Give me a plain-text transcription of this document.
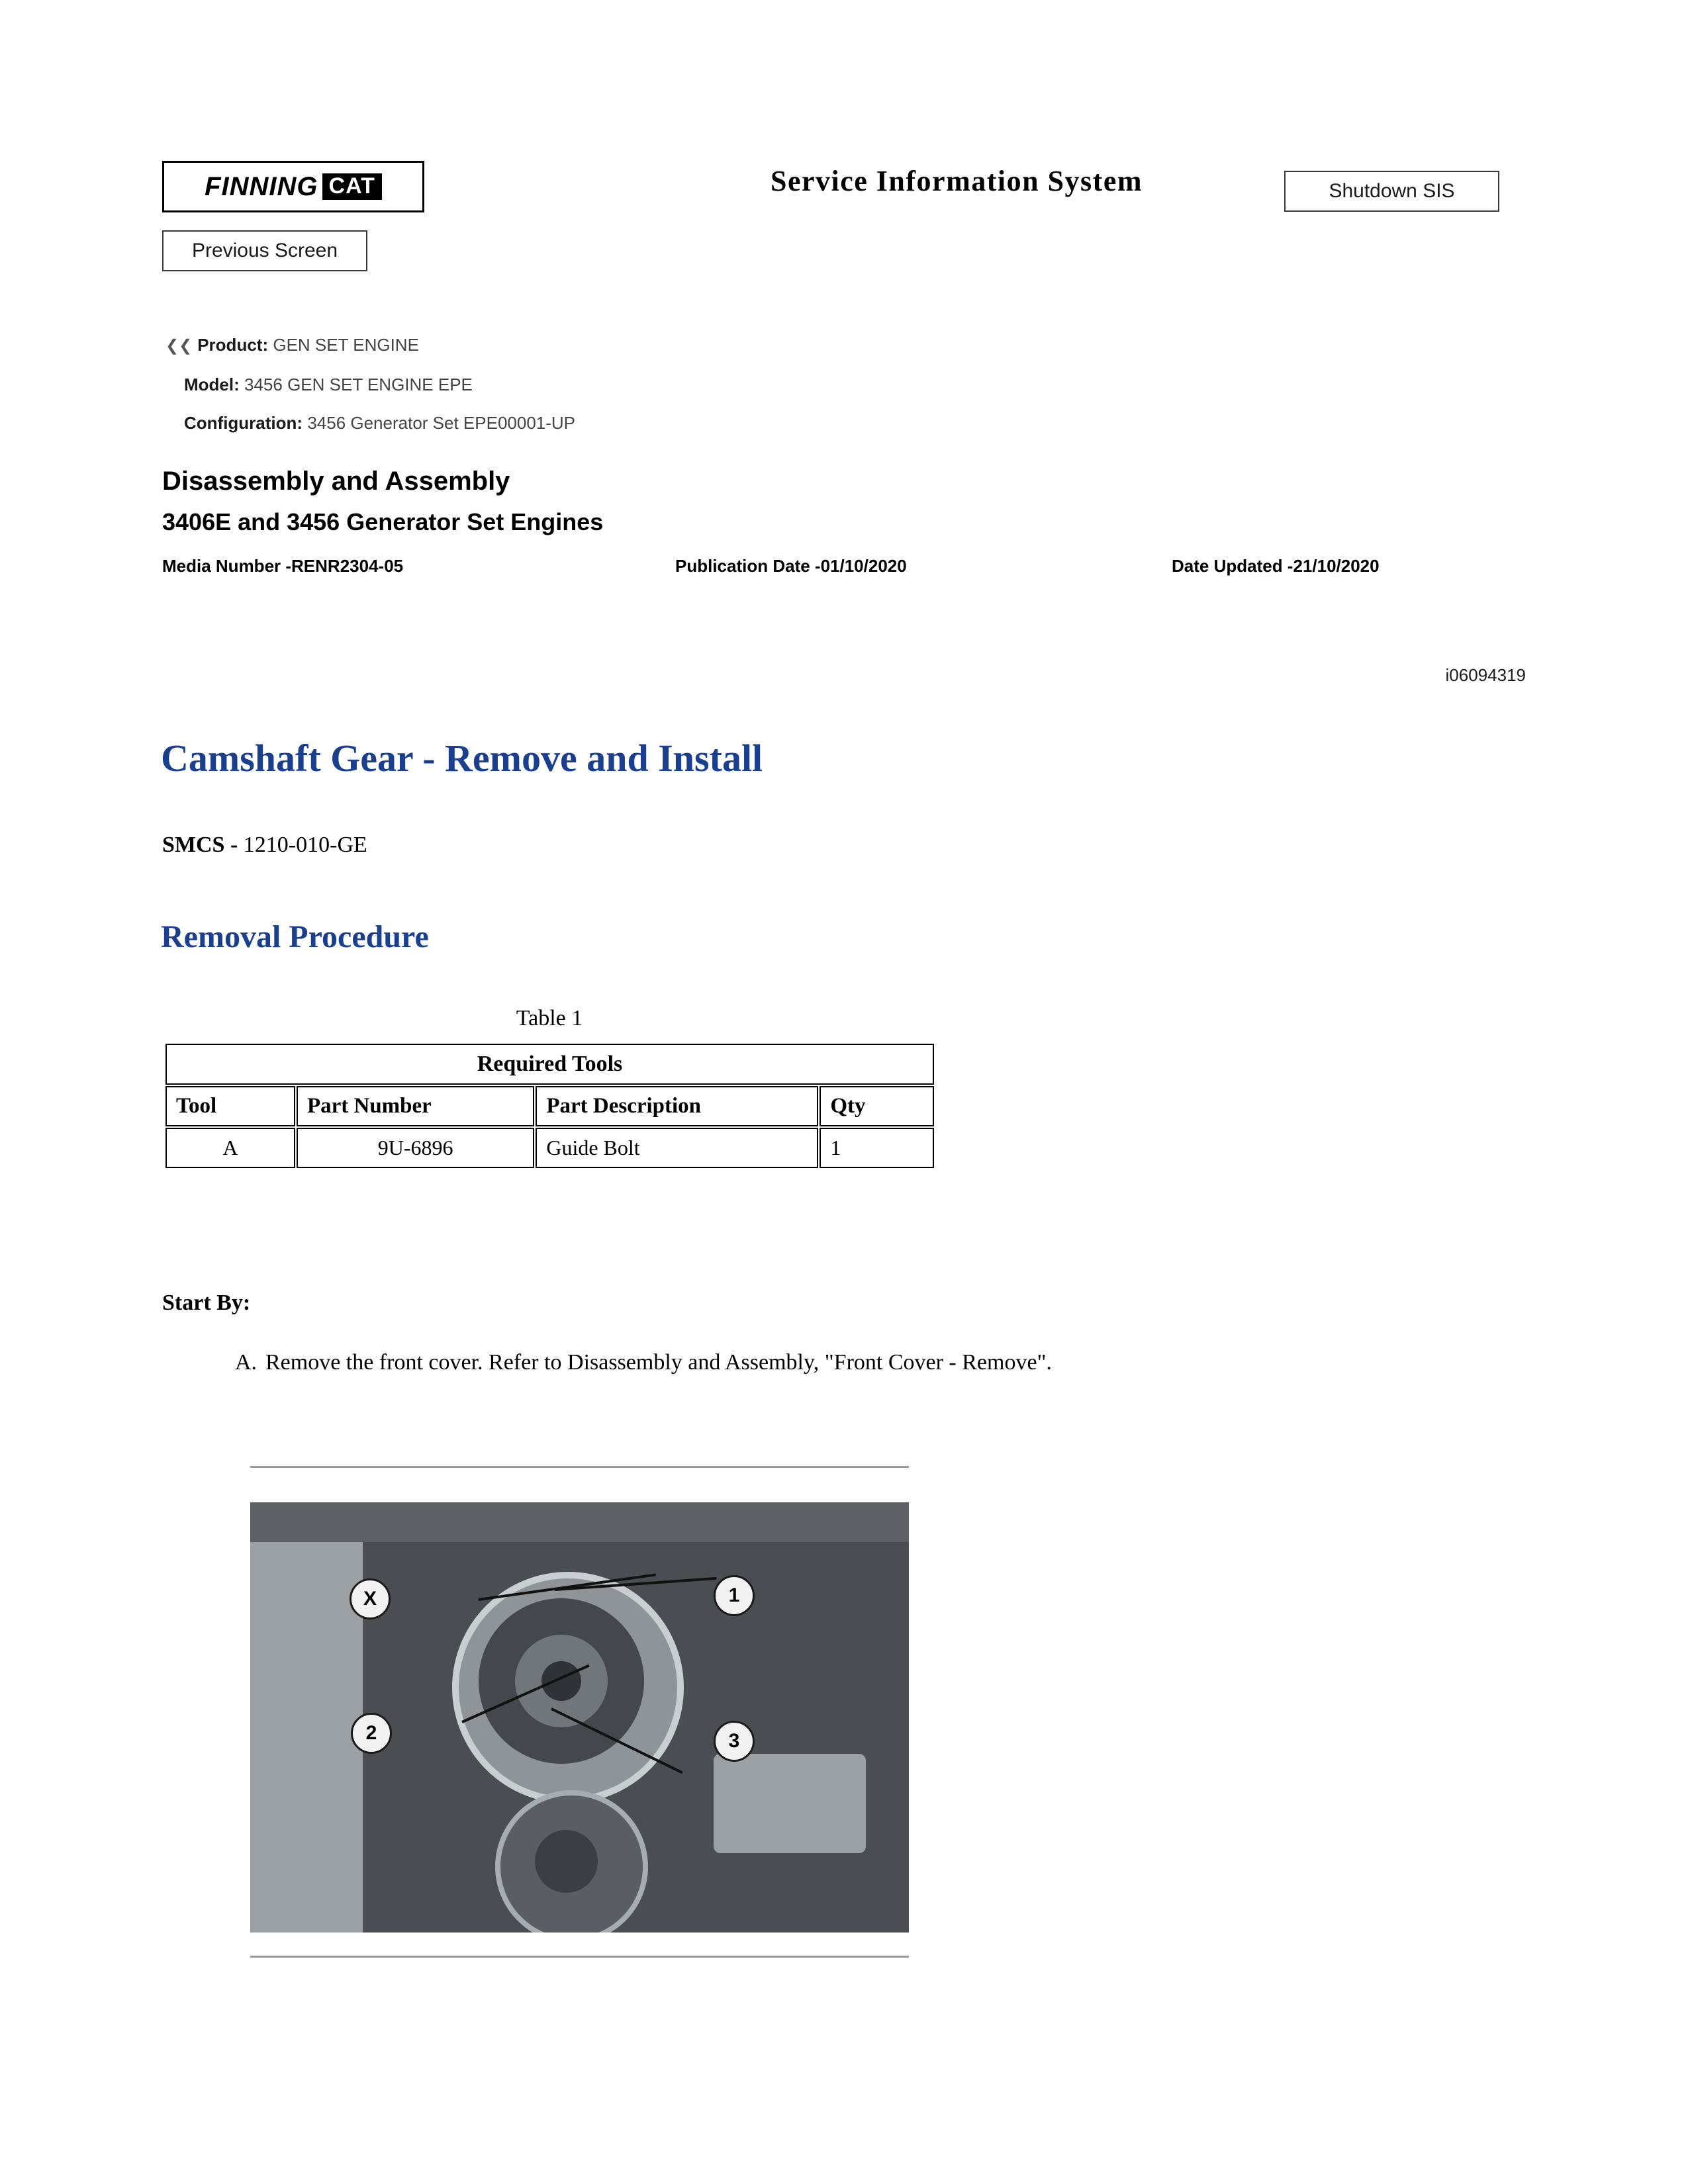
FINNING CAT	Service Information System	Shutdown SIS
Previous Screen
❮❮ Product: GEN SET ENGINE
Model: 3456 GEN SET ENGINE EPE
Configuration: 3456 Generator Set EPE00001-UP
Disassembly and Assembly
3406E and 3456 Generator Set Engines
Media Number -RENR2304-05	Publication Date -01/10/2020	Date Updated -21/10/2020
i06094319
Camshaft Gear - Remove and Install
SMCS - 1210-010-GE
Removal Procedure
Table 1
Required Tools			
Tool	Part Number	Part Description	Qty
A	9U-6896	Guide Bolt	1
Start By:
A. Remove the front cover. Refer to Disassembly and Assembly, "Front Cover - Remove".
X	1
2	3
